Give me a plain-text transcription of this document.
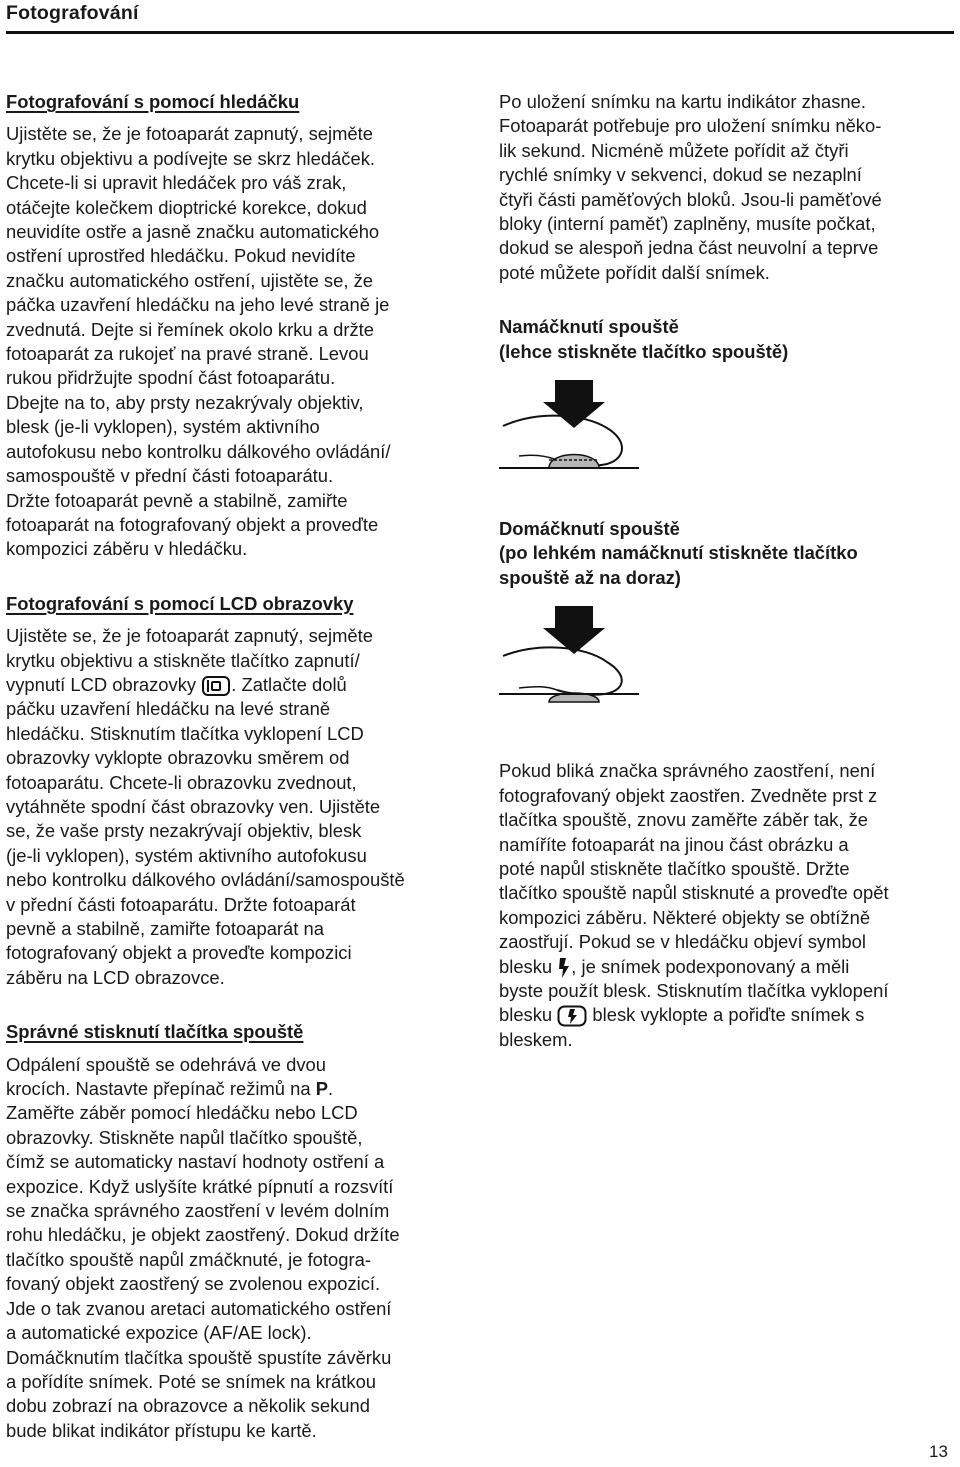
Fotografování

Fotografování s pomocí hledáčku

Ujistěte se, že je fotoaparát zapnutý, sejměte

krytku objektivu a podívejte se skrz hledáček.

Chcete-li si upravit hledáček pro váš zrak,

otáčejte kolečkem dioptrické korekce, dokud

neuvidíte ostře a jasně značku automatického

ostření uprostřed hledáčku. Pokud nevidíte

značku automatického ostření, ujistěte se, že

páčka uzavření hledáčku na jeho levé straně je

zvednutá. Dejte si řemínek okolo krku a držte

fotoaparát za rukojeť na pravé straně. Levou

rukou přidržujte spodní část fotoaparátu.

Dbejte na to, aby prsty nezakrývaly objektiv,

blesk (je-li vyklopen), systém aktivního

autofokusu nebo kontrolku dálkového ovládání/

samospouště v přední části fotoaparátu.

Držte fotoaparát pevně a stabilně, zamiřte

fotoaparát na fotografovaný objekt a proveďte

kompozici záběru v hledáčku.

Fotografování s pomocí LCD obrazovky

Ujistěte se, že je fotoaparát zapnutý, sejměte

krytku objektivu a stiskněte tlačítko zapnutí/

vypnutí LCD obrazovky . Zatlačte dolů

páčku uzavření hledáčku na levé straně

hledáčku. Stisknutím tlačítka vyklopení LCD

obrazovky vyklopte obrazovku směrem od

fotoaparátu. Chcete-li obrazovku zvednout,

vytáhněte spodní část obrazovky ven. Ujistěte

se, že vaše prsty nezakrývají objektiv, blesk

(je-li vyklopen), systém aktivního autofokusu

nebo kontrolku dálkového ovládání/samospouště

v přední části fotoaparátu. Držte fotoaparát

pevně a stabilně, zamiřte fotoaparát na

fotografovaný objekt a proveďte kompozici

záběru na LCD obrazovce.

Správné stisknutí tlačítka spouště

Odpálení spouště se odehrává ve dvou

krocích. Nastavte přepínač režimů na P.

Zaměřte záběr pomocí hledáčku nebo LCD

obrazovky. Stiskněte napůl tlačítko spouště,

čímž se automaticky nastaví hodnoty ostření a

expozice. Když uslyšíte krátké pípnutí a rozsvítí

se značka správného zaostření v levém dolním

rohu hledáčku, je objekt zaostřený. Dokud držíte

tlačítko spouště napůl zmáčknuté, je fotogra-

fovaný objekt zaostřený se zvolenou expozicí.

Jde o tak zvanou aretaci automatického ostření

a automatické expozice (AF/AE lock).

Domáčknutím tlačítka spouště spustíte závěrku

a pořídíte snímek. Poté se snímek na krátkou

dobu zobrazí na obrazovce a několik sekund

bude blikat indikátor přístupu ke kartě.

Po uložení snímku na kartu indikátor zhasne.

Fotoaparát potřebuje pro uložení snímku něko-

lik sekund. Nicméně můžete pořídit až čtyři

rychlé snímky v sekvenci, dokud se nezaplní

čtyři části paměťových bloků. Jsou-li paměťové

bloky (interní paměť) zaplněny, musíte počkat,

dokud se alespoň jedna část neuvolní a teprve

poté můžete pořídit další snímek.

Namáčknutí spouště

(lehce stiskněte tlačítko spouště)

Domáčknutí spouště

(po lehkém namáčknutí stiskněte tlačítko

spouště až na doraz)

Pokud bliká značka správného zaostření, není

fotografovaný objekt zaostřen. Zvedněte prst z

tlačítka spouště, znovu zaměřte záběr tak, že

namíříte fotoaparát na jinou část obrázku a

poté napůl stiskněte tlačítko spouště. Držte

tlačítko spouště napůl stisknuté a proveďte opět

kompozici záběru. Některé objekty se obtížně

zaostřují. Pokud se v hledáčku objeví symbol

blesku , je snímek podexponovaný a měli

byste použít blesk. Stisknutím tlačítka vyklopení

blesku  blesk vyklopte a pořiďte snímek s

bleskem.

13
